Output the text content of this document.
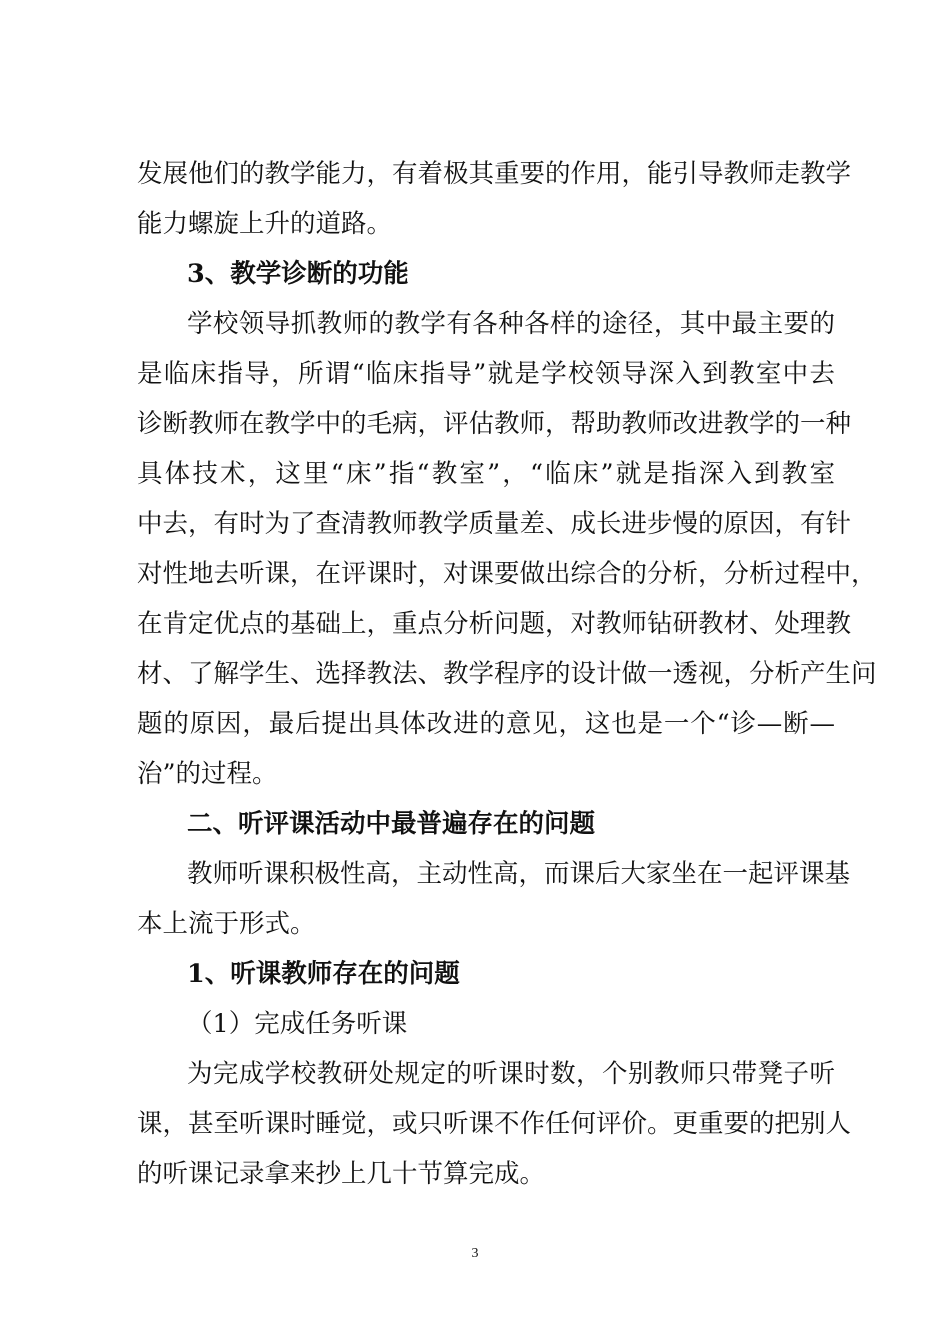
发展他们的教学能力，有着极其重要的作用，能引导教师走教学
能力螺旋上升的道路。
3、教学诊断的功能
学校领导抓教师的教学有各种各样的途径，其中最主要的
是临床指导，所谓“临床指导”就是学校领导深入到教室中去
诊断教师在教学中的毛病，评估教师，帮助教师改进教学的一种
具体技术，这里“床”指“教室”，“临床”就是指深入到教室
中去，有时为了查清教师教学质量差、成长进步慢的原因，有针
对性地去听课，在评课时，对课要做出综合的分析，分析过程中，
在肯定优点的基础上，重点分析问题，对教师钻研教材、处理教
材、了解学生、选择教法、教学程序的设计做一透视，分析产生问
题的原因，最后提出具体改进的意见，这也是一个“诊—断—
治”的过程。
二、听评课活动中最普遍存在的问题
教师听课积极性高，主动性高，而课后大家坐在一起评课基
本上流于形式。
1、听课教师存在的问题
（1）完成任务听课
为完成学校教研处规定的听课时数，个别教师只带凳子听
课，甚至听课时睡觉，或只听课不作任何评价。更重要的把别人
的听课记录拿来抄上几十节算完成。
3
